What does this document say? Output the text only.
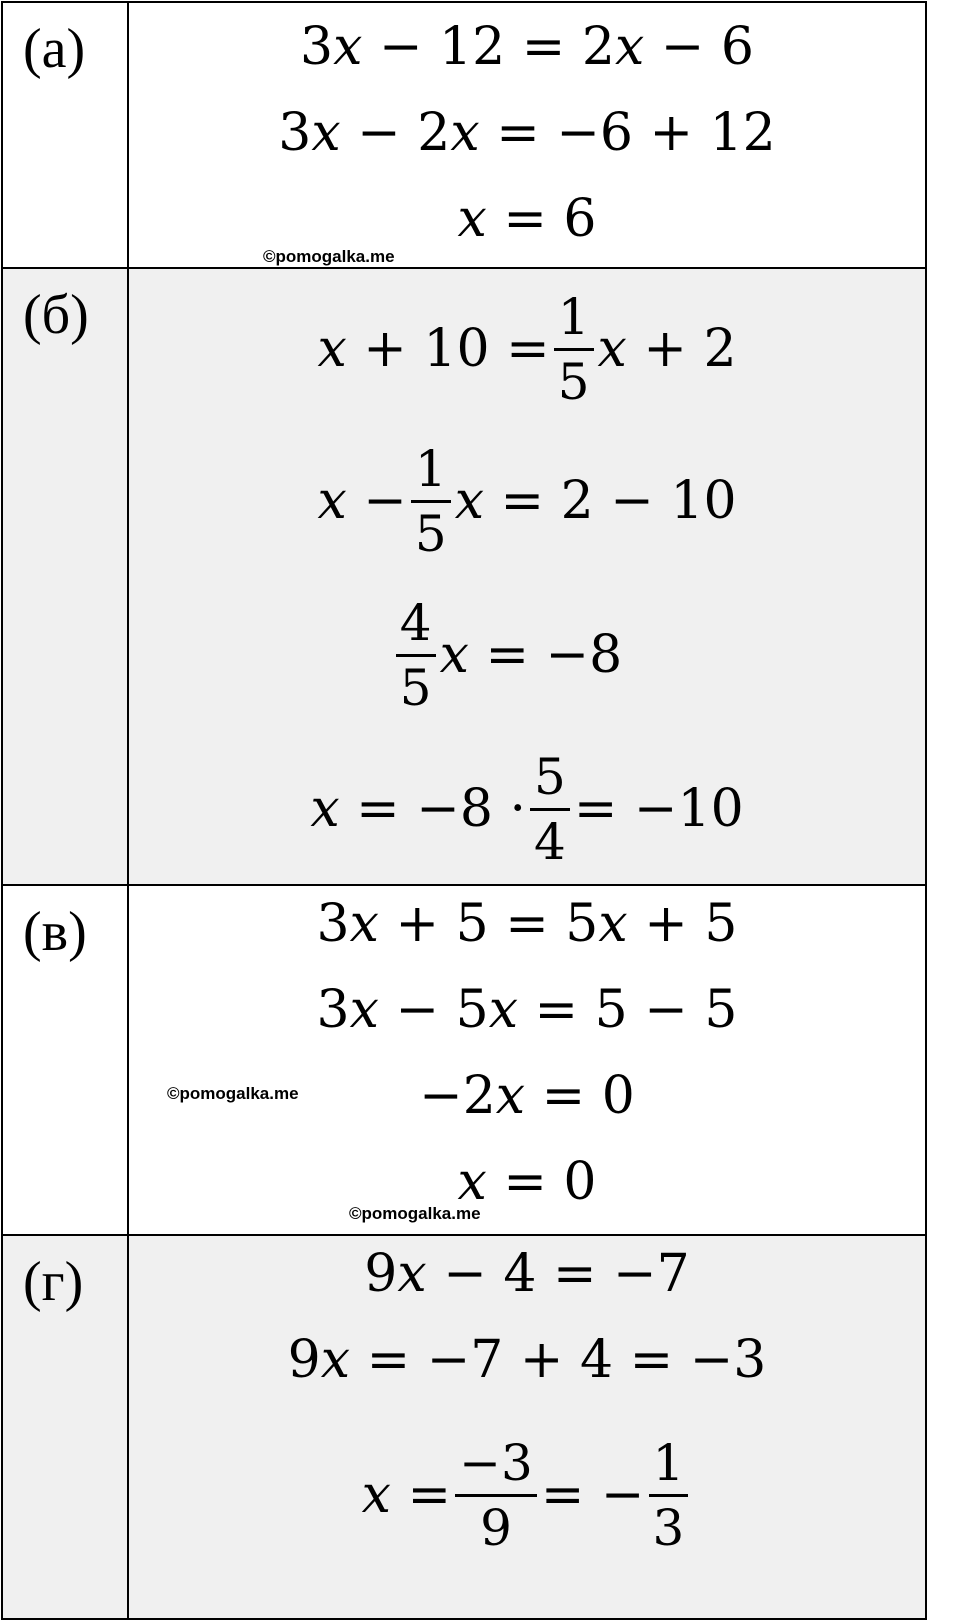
(а)	3 x − 12 = 2 x − 6
3 x − 2 x = −6 + 12
x = 6
©pomogalka.me
(б)
$x + 10 = \frac{1}{5}$ x + 2
$x - \frac{1}{5}$ x = 2 − 10
$\frac{4}{5}$ x = −8
$x = -8 \cdot \frac{5}{4} = -10$
(в)	3 x + 5 = 5 x + 5
3 x − 5 x = 5 − 5
−2 x = 0
x = 0
©pomogalka.me
©pomogalka.me
(г)	9 x − 4 = −7
9 x = −7 + 4 = −3
$x = \frac{-3}{9}$ = − $\frac{1}{3}$
